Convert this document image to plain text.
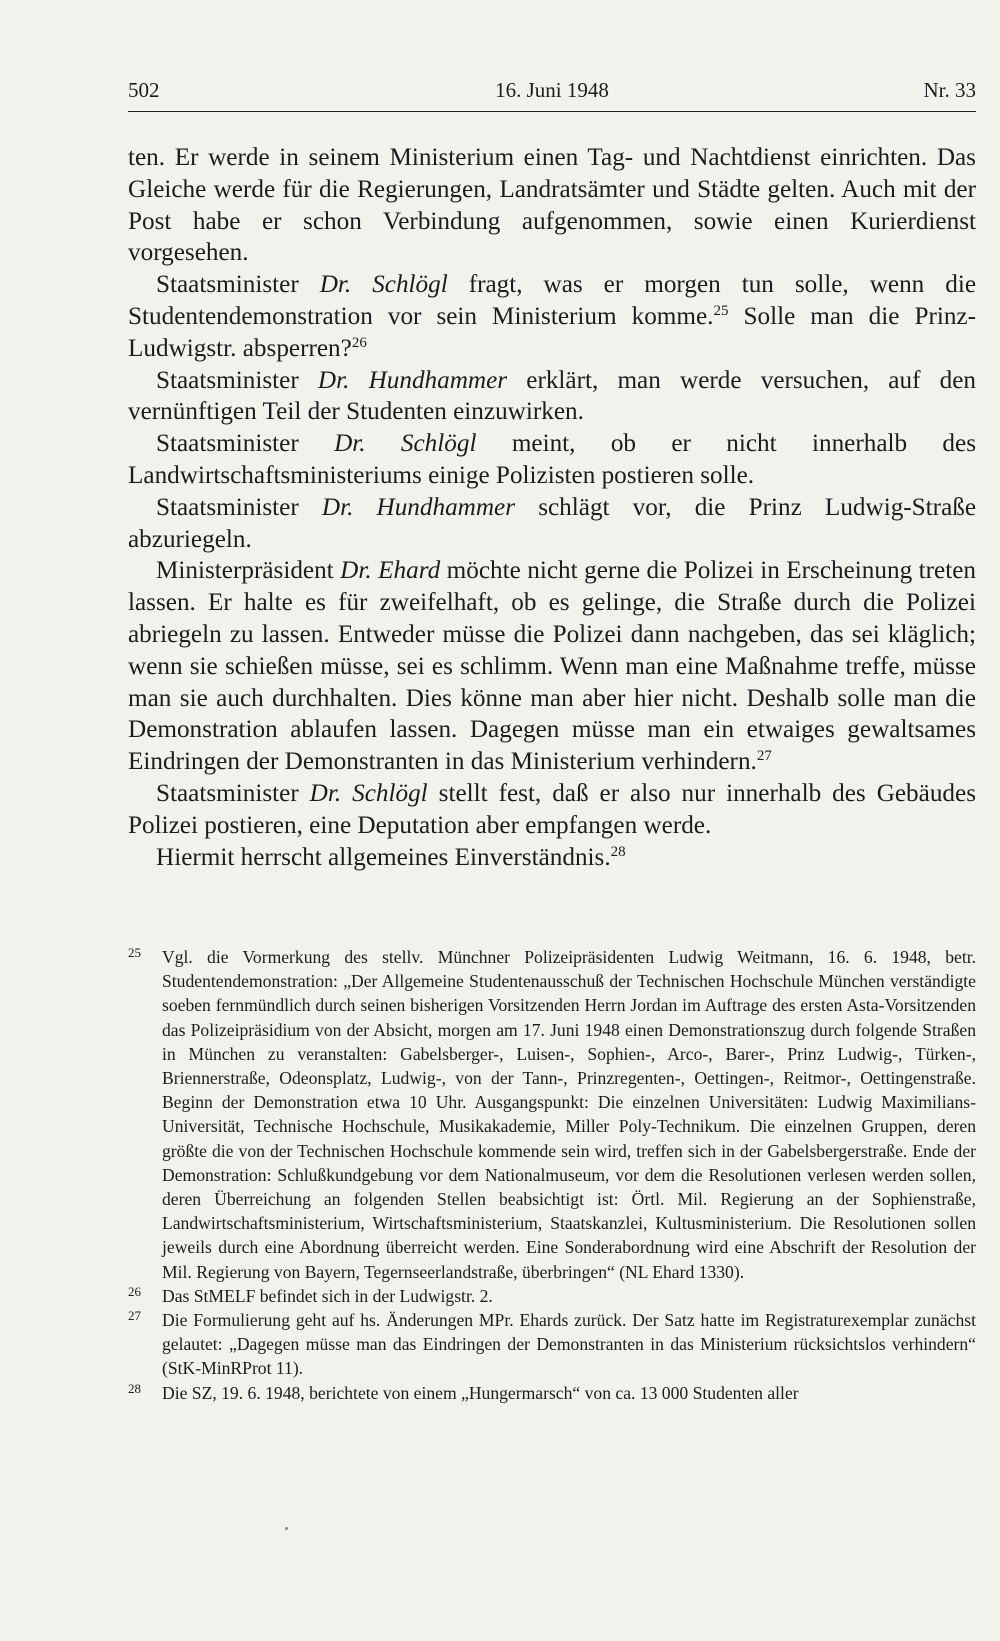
502	16. Juni 1948	Nr. 33

ten. Er werde in seinem Ministerium einen Tag- und Nachtdienst einrichten. Das Gleiche werde für die Regierungen, Landratsämter und Städte gelten. Auch mit der Post habe er schon Verbindung aufgenommen, sowie einen Kurierdienst vorgesehen.

Staatsminister Dr. Schlögl fragt, was er morgen tun solle, wenn die Studentendemonstration vor sein Ministerium komme.$^{25}$ Solle man die Prinz-Ludwigstr. absperren?$^{26}$

Staatsminister Dr. Hundhammer erklärt, man werde versuchen, auf den vernünftigen Teil der Studenten einzuwirken.

Staatsminister Dr. Schlögl meint, ob er nicht innerhalb des Landwirtschaftsministeriums einige Polizisten postieren solle.

Staatsminister Dr. Hundhammer schlägt vor, die Prinz Ludwig-Straße abzuriegeln.

Ministerpräsident Dr. Ehard möchte nicht gerne die Polizei in Erscheinung treten lassen. Er halte es für zweifelhaft, ob es gelinge, die Straße durch die Polizei abriegeln zu lassen. Entweder müsse die Polizei dann nachgeben, das sei kläglich; wenn sie schießen müsse, sei es schlimm. Wenn man eine Maßnahme treffe, müsse man sie auch durchhalten. Dies könne man aber hier nicht. Deshalb solle man die Demonstration ablaufen lassen. Dagegen müsse man ein etwaiges gewaltsames Eindringen der Demonstranten in das Ministerium verhindern.$^{27}$

Staatsminister Dr. Schlögl stellt fest, daß er also nur innerhalb des Gebäudes Polizei postieren, eine Deputation aber empfangen werde.

Hiermit herrscht allgemeines Einverständnis.$^{28}$

25	Vgl. die Vormerkung des stellv. Münchner Polizeipräsidenten Ludwig Weitmann, 16. 6. 1948, betr. Studentendemonstration: „Der Allgemeine Studentenausschuß der Technischen Hochschule München verständigte soeben fernmündlich durch seinen bisherigen Vorsitzenden Herrn Jordan im Auftrage des ersten Asta-Vorsitzenden das Polizeipräsidium von der Absicht, morgen am 17. Juni 1948 einen Demonstrationszug durch folgende Straßen in München zu veranstalten: Gabelsberger-, Luisen-, Sophien-, Arco-, Barer-, Prinz Ludwig-, Türken-, Briennerstraße, Odeonsplatz, Ludwig-, von der Tann-, Prinzregenten-, Oettingen-, Reitmor-, Oettingenstraße. Beginn der Demonstration etwa 10 Uhr. Ausgangspunkt: Die einzelnen Universitäten: Ludwig Maximilians-Universität, Technische Hochschule, Musikakademie, Miller Poly-Technikum. Die einzelnen Gruppen, deren größte die von der Technischen Hochschule kommende sein wird, treffen sich in der Gabelsbergerstraße. Ende der Demonstration: Schlußkundgebung vor dem Nationalmuseum, vor dem die Resolutionen verlesen werden sollen, deren Überreichung an folgenden Stellen beabsichtigt ist: Örtl. Mil. Regierung an der Sophienstraße, Landwirtschaftsministerium, Wirtschaftsministerium, Staatskanzlei, Kultusministerium. Die Resolutionen sollen jeweils durch eine Abordnung überreicht werden. Eine Sonderabordnung wird eine Abschrift der Resolution der Mil. Regierung von Bayern, Tegernseerlandstraße, überbringen“ (NL Ehard 1330).
26	Das StMELF befindet sich in der Ludwigstr. 2.
27	Die Formulierung geht auf hs. Änderungen MPr. Ehards zurück. Der Satz hatte im Registraturexemplar zunächst gelautet: „Dagegen müsse man das Eindringen der Demonstranten in das Ministerium rücksichtslos verhindern“ (StK-MinRProt 11).
28	Die SZ, 19. 6. 1948, berichtete von einem „Hungermarsch“ von ca. 13 000 Studenten aller
